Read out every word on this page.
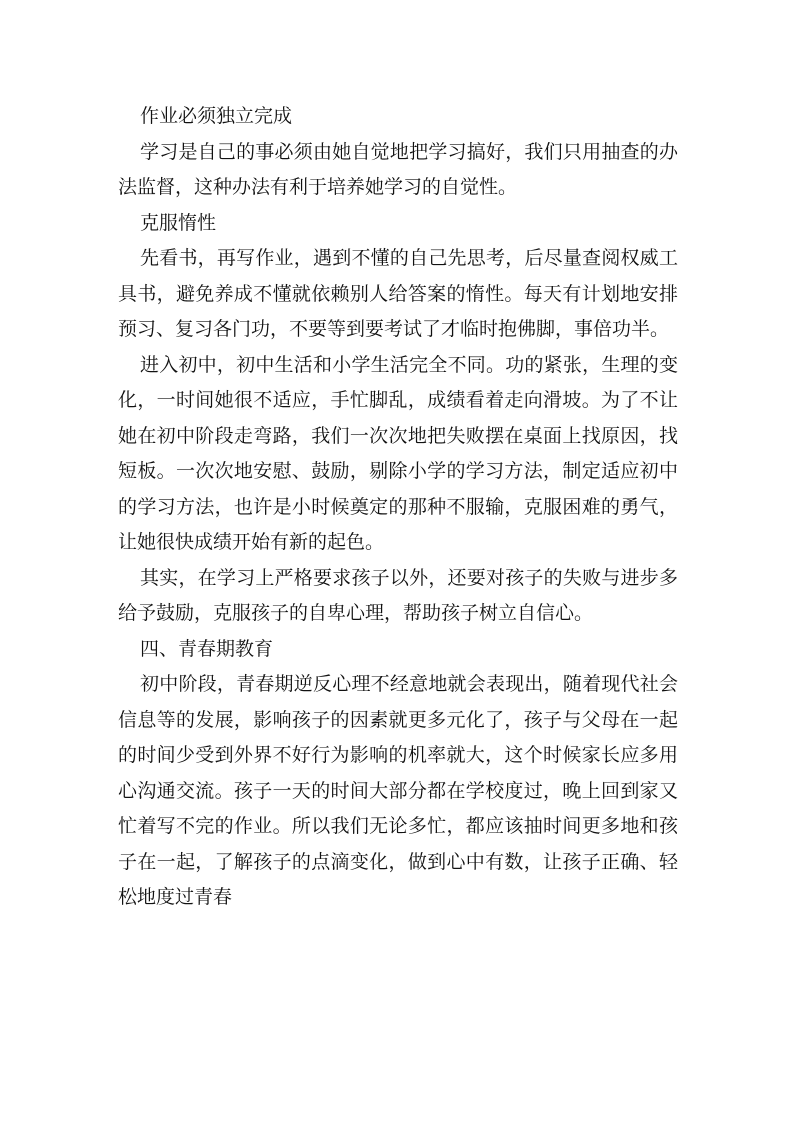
作业必须独立完成

学习是自己的事必须由她自觉地把学习搞好，我们只用抽查的办法监督，这种办法有利于培养她学习的自觉性。

克服惰性

先看书，再写作业，遇到不懂的自己先思考，后尽量查阅权威工具书，避免养成不懂就依赖别人给答案的惰性。每天有计划地安排预习、复习各门功，不要等到要考试了才临时抱佛脚，事倍功半。

进入初中，初中生活和小学生活完全不同。功的紧张，生理的变化，一时间她很不适应，手忙脚乱，成绩看着走向滑坡。为了不让她在初中阶段走弯路，我们一次次地把失败摆在桌面上找原因，找短板。一次次地安慰、鼓励，剔除小学的学习方法，制定适应初中的学习方法，也许是小时候奠定的那种不服输，克服困难的勇气，让她很快成绩开始有新的起色。

其实，在学习上严格要求孩子以外，还要对孩子的失败与进步多给予鼓励，克服孩子的自卑心理，帮助孩子树立自信心。

四、青春期教育

初中阶段，青春期逆反心理不经意地就会表现出，随着现代社会信息等的发展，影响孩子的因素就更多元化了，孩子与父母在一起的时间少受到外界不好行为影响的机率就大，这个时候家长应多用心沟通交流。孩子一天的时间大部分都在学校度过，晚上回到家又忙着写不完的作业。所以我们无论多忙，都应该抽时间更多地和孩子在一起，了解孩子的点滴变化，做到心中有数，让孩子正确、轻松地度过青春
